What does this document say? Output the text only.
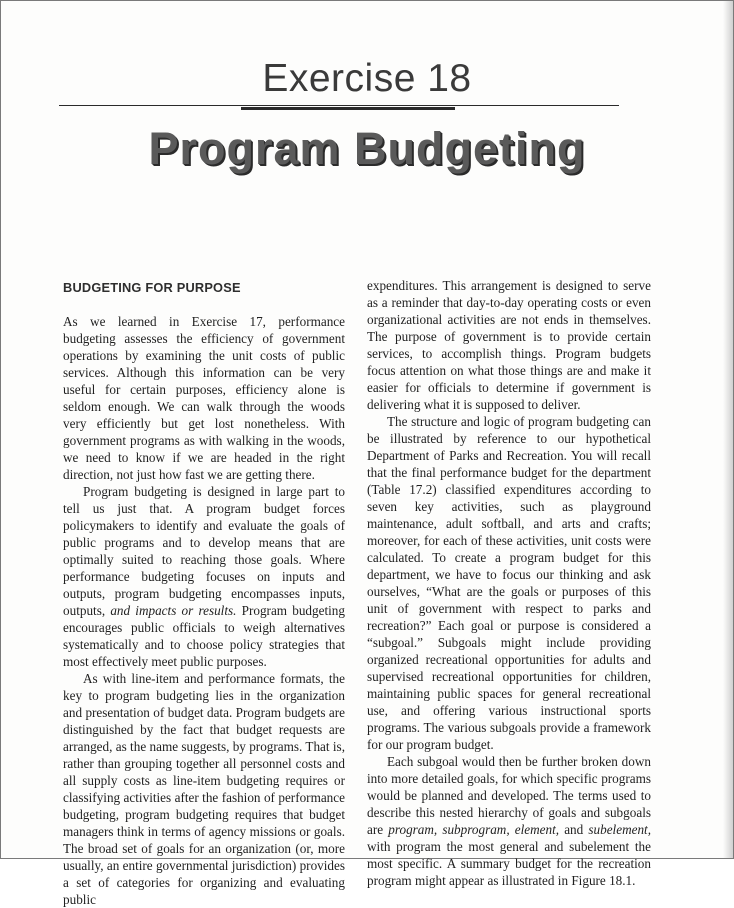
Exercise 18
Program Budgeting
BUDGETING FOR PURPOSE

As we learned in Exercise 17, performance budgeting assesses the efficiency of government operations by examining the unit costs of public services. Although this information can be very useful for certain purposes, efficiency alone is seldom enough. We can walk through the woods very efficiently but get lost nonetheless. With government programs as with walking in the woods, we need to know if we are headed in the right direction, not just how fast we are getting there.

Program budgeting is designed in large part to tell us just that. A program budget forces policymakers to identify and evaluate the goals of public programs and to develop means that are optimally suited to reaching those goals. Where performance budgeting focuses on inputs and outputs, program budgeting encompasses inputs, outputs, and impacts or results. Program budgeting encourages public officials to weigh alternatives systematically and to choose policy strategies that most effectively meet public purposes.

As with line-item and performance formats, the key to program budgeting lies in the organization and presentation of budget data. Program budgets are distinguished by the fact that budget requests are arranged, as the name suggests, by programs. That is, rather than grouping together all personnel costs and all supply costs as line-item budgeting requires or classifying activities after the fashion of performance budgeting, program budgeting requires that budget managers think in terms of agency missions or goals. The broad set of goals for an organization (or, more usually, an entire governmental jurisdiction) provides a set of categories for organizing and evaluating public

expenditures. This arrangement is designed to serve as a reminder that day-to-day operating costs or even organizational activities are not ends in themselves. The purpose of government is to provide certain services, to accomplish things. Program budgets focus attention on what those things are and make it easier for officials to determine if government is delivering what it is supposed to deliver.

The structure and logic of program budgeting can be illustrated by reference to our hypothetical Department of Parks and Recreation. You will recall that the final performance budget for the department (Table 17.2) classified expenditures according to seven key activities, such as playground maintenance, adult softball, and arts and crafts; moreover, for each of these activities, unit costs were calculated. To create a program budget for this department, we have to focus our thinking and ask ourselves, “What are the goals or purposes of this unit of government with respect to parks and recreation?” Each goal or purpose is considered a “subgoal.” Subgoals might include providing organized recreational opportunities for adults and supervised recreational opportunities for children, maintaining public spaces for general recreational use, and offering various instructional sports programs. The various subgoals provide a framework for our program budget.

Each subgoal would then be further broken down into more detailed goals, for which specific programs would be planned and developed. The terms used to describe this nested hierarchy of goals and subgoals are program, subprogram, element, and subelement, with program the most general and subelement the most specific. A summary budget for the recreation program might appear as illustrated in Figure 18.1.
